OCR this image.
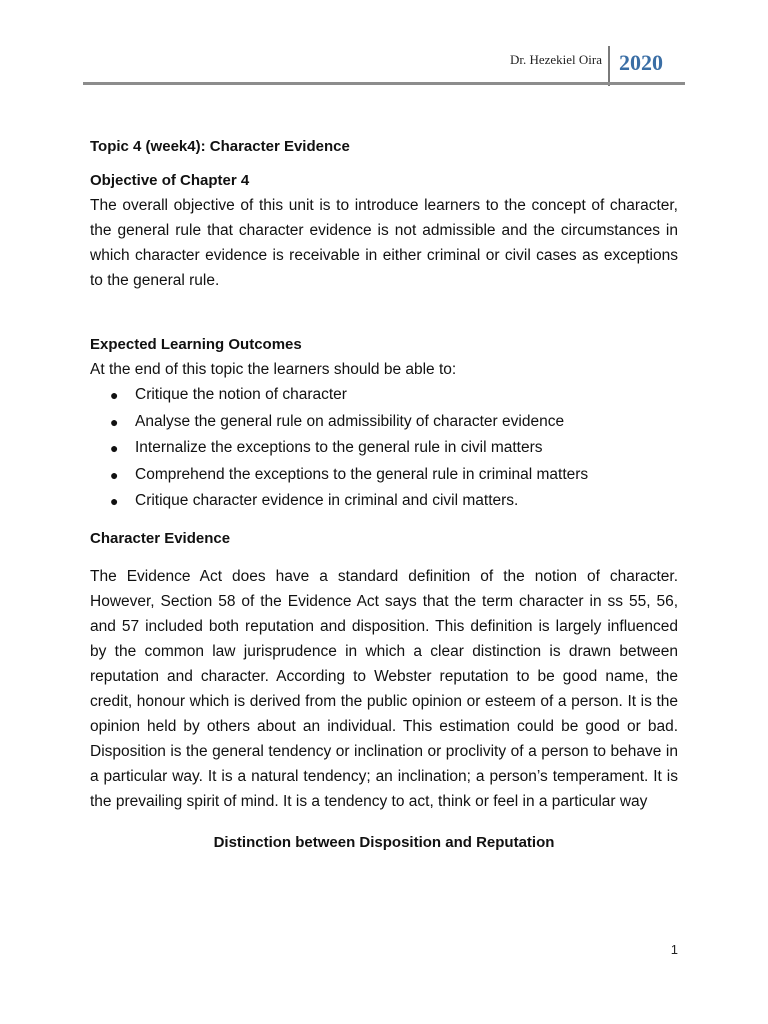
Dr. Hezekiel Oira 2020

Topic 4 (week4): Character Evidence

Objective of Chapter 4

The overall objective of this unit is to introduce learners to the concept of character, the general rule that character evidence is not admissible and the circumstances in which character evidence is receivable in either criminal or civil cases as exceptions to the general rule.

Expected Learning Outcomes

At the end of this topic the learners should be able to:

● Critique the notion of character
● Analyse the general rule on admissibility of character evidence
● Internalize the exceptions to the general rule in civil matters
● Comprehend the exceptions to the general rule in criminal matters
● Critique character evidence in criminal and civil matters.

Character Evidence

The Evidence Act does have a standard definition of the notion of character. However, Section 58 of the Evidence Act says that the term character in ss 55, 56, and 57 included both reputation and disposition. This definition is largely influenced by the common law jurisprudence in which a clear distinction is drawn between reputation and character. According to Webster reputation to be good name, the credit, honour which is derived from the public opinion or esteem of a person. It is the opinion held by others about an individual. This estimation could be good or bad. Disposition is the general tendency or inclination or proclivity of a person to behave in a particular way. It is a natural tendency; an inclination; a person’s temperament. It is the prevailing spirit of mind. It is a tendency to act, think or feel in a particular way

Distinction between Disposition and Reputation

1
